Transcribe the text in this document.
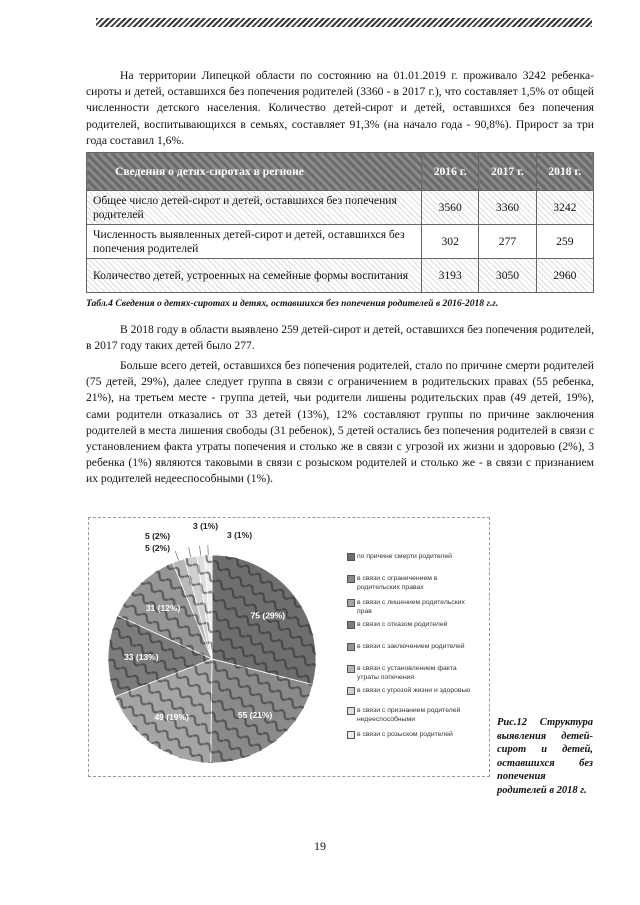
На территории Липецкой области по состоянию на 01.01.2019 г. проживало 3242 ребенка-сироты и детей, оставшихся без попечения родителей (3360 - в 2017 г.), что составляет 1,5% от общей численности детского населения. Количество детей-сирот и детей, оставшихся без попечения родителей, воспитывающихся в семьях, составляет 91,3% (на начало года - 90,8%). Прирост за три года составил 1,6%.

Сведения о детях-сиротах в регионе	2016 г.	2017 г.	2018 г.
Общее число детей-сирот и детей, оставшихся без попечения родителей	3560	3360	3242
Численность выявленных детей-сирот и детей, оставшихся без попечения родителей	302	277	259
Количество детей, устроенных на семейные формы воспитания	3193	3050	2960

Табл.4 Сведения о детях-сиротах и детях, оставшихся без попечения родителей в 2016-2018 г.г.

В 2018 году в области выявлено 259 детей-сирот и детей, оставшихся без попечения родителей, в 2017 году таких детей было 277.

Больше всего детей, оставшихся без попечения родителей, стало по причине смерти родителей (75 детей, 29%), далее следует группа в связи с ограничением в родительских правах (55 ребенка, 21%), на третьем месте - группа детей, чьи родители лишены родительских прав (49 детей, 19%), сами родители отказались от 33 детей (13%), 12% составляют группы по причине заключения родителей в места лишения свободы (31 ребенок), 5 детей остались без попечения родителей в связи с установлением факта утраты попечения и столько же в связи с угрозой их жизни и здоровью (2%), 3 ребенка (1%) являются таковыми в связи с розыском родителей и столько же - в связи с признанием их родителей недееспособными (1%).

75 (29%)
55 (21%)
49 (19%)
33 (13%)
31 (12%)
5 (2%)
5 (2%)
3 (1%)
3 (1%)
по причине смерти родителей
в связи с ограничением в родительских правах
в связи с лишением родительских прав
в связи с отказом родителей
в связи с заключением родителей
в связи с установлением факта утраты попечения
в связи с угрозой жизни и здоровью
в связи с признанием родителей недееспособными
в связи с розыском родителей

Рис.12 Структура выявления детей-сирот и детей, оставшихся без попечения родителей в 2018 г.

19
